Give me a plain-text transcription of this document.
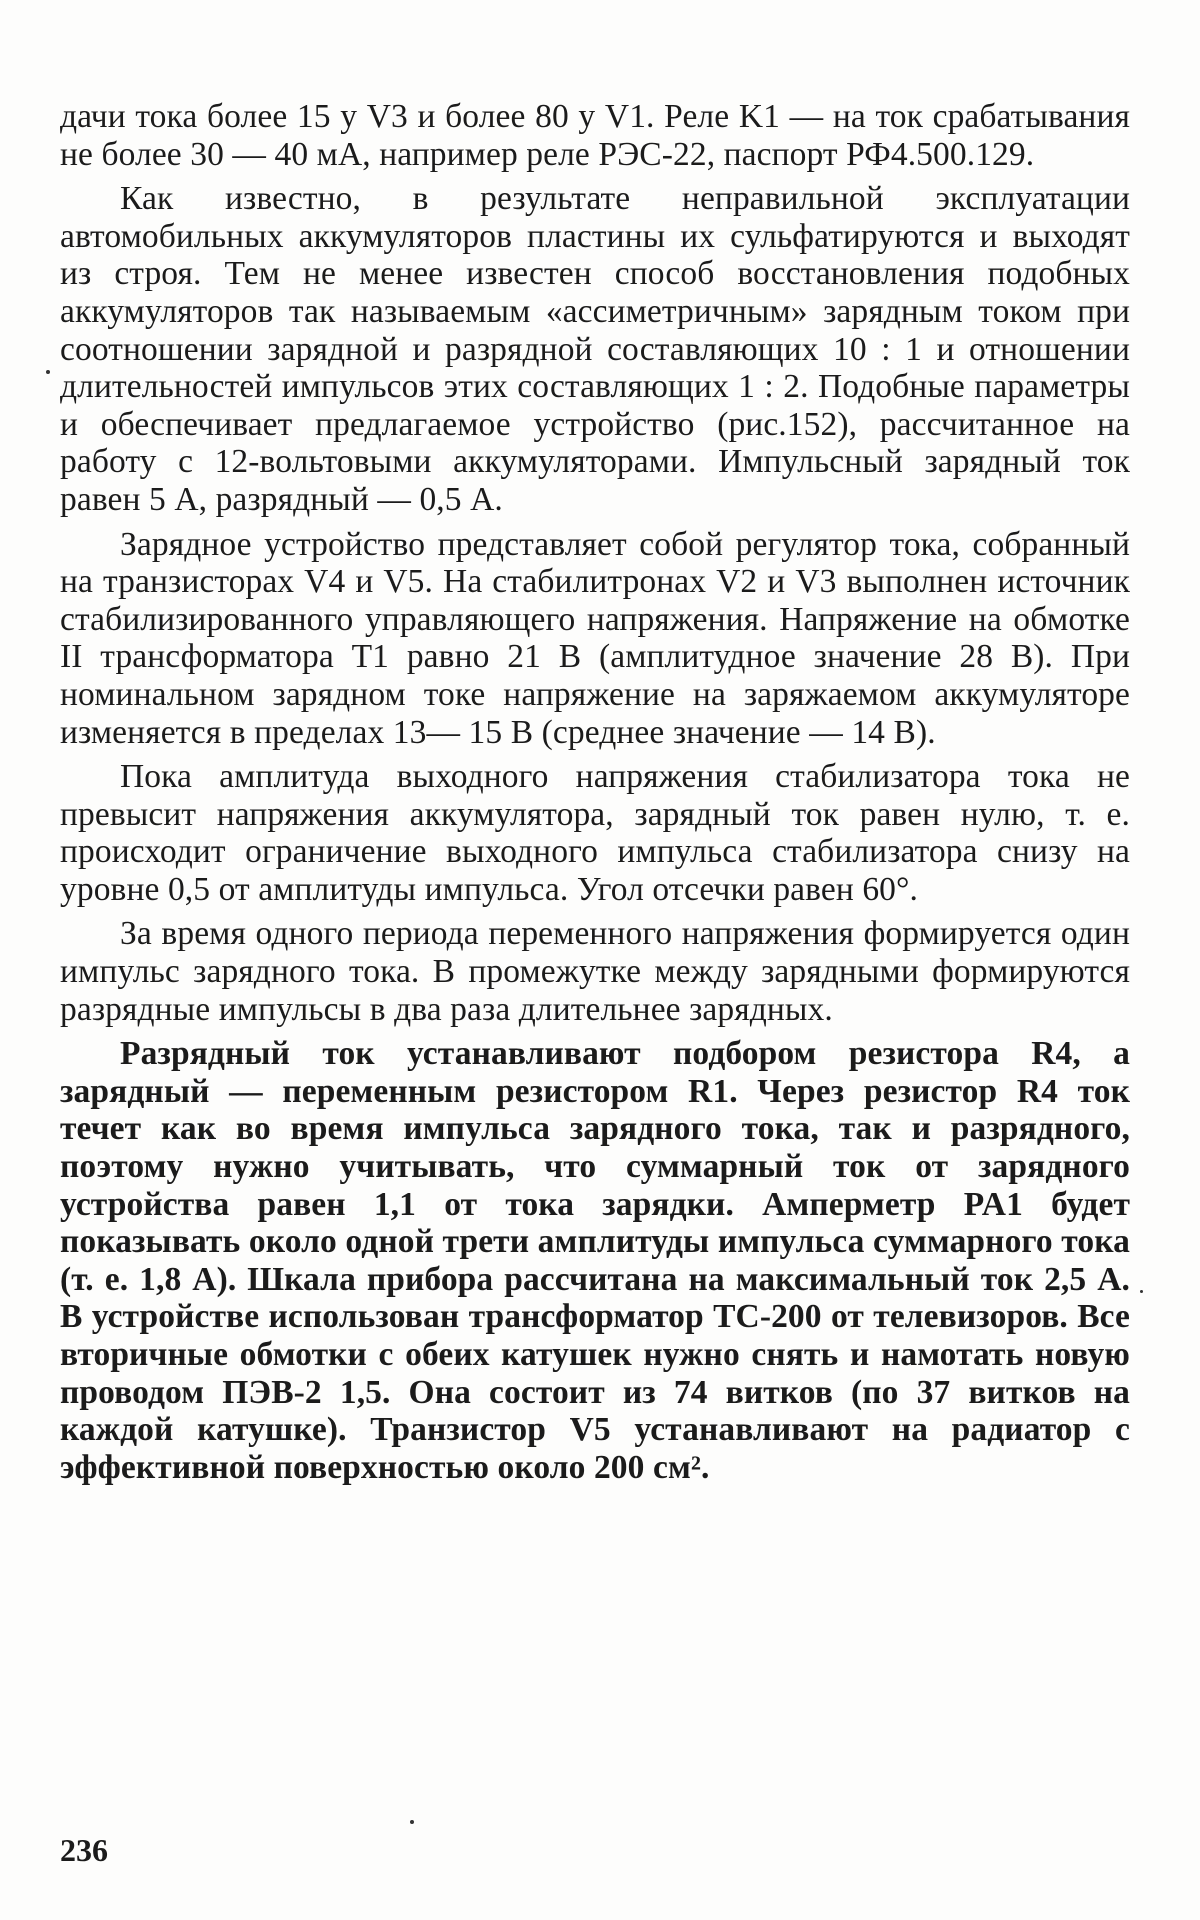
дачи тока более 15 у V3 и более 80 у V1. Реле K1 — на ток срабатывания не более 30 — 40 мА, например реле РЭС-22, паспорт РФ4.500.129.

Как известно, в результате неправильной эксплуатации автомобильных аккумуляторов пластины их сульфатируются и выходят из строя. Тем не менее известен способ восстановления подобных аккумуляторов так называемым «ассиметричным» зарядным током при соотношении зарядной и разрядной составляющих 10 : 1 и отношении длительностей импульсов этих составляющих 1 : 2. Подобные параметры и обеспечивает предлагаемое устройство (рис.152), рассчитанное на работу с 12-вольтовыми аккумуляторами. Импульсный зарядный ток равен 5 А, разрядный — 0,5 А.

Зарядное устройство представляет собой регулятор тока, собранный на транзисторах V4 и V5. На стабилитронах V2 и V3 выполнен источник стабилизированного управляющего напряжения. Напряжение на обмотке II трансформатора T1 равно 21 В (амплитудное значение 28 В). При номинальном зарядном токе напряжение на заряжаемом аккумуляторе изменяется в пределах 13— 15 В (среднее значение — 14 В).

Пока амплитуда выходного напряжения стабилизатора тока не превысит напряжения аккумулятора, зарядный ток равен нулю, т. е. происходит ограничение выходного импульса стабилизатора снизу на уровне 0,5 от амплитуды импульса. Угол отсечки равен 60°.

За время одного периода переменного напряжения формируется один импульс зарядного тока. В промежутке между зарядными формируются разрядные импульсы в два раза длительнее зарядных.

Разрядный ток устанавливают подбором резистора R4, а зарядный — переменным резистором R1. Через резистор R4 ток течет как во время импульса зарядного тока, так и разрядного, поэтому нужно учитывать, что суммарный ток от зарядного устройства равен 1,1 от тока зарядки. Амперметр PA1 будет показывать около одной трети амплитуды импульса суммарного тока (т. е. 1,8 А). Шкала прибора рассчитана на максимальный ток 2,5 А. В устройстве использован трансформатор ТС-200 от телевизоров. Все вторичные обмотки с обеих катушек нужно снять и намотать новую проводом ПЭВ-2 1,5. Она состоит из 74 витков (по 37 витков на каждой катушке). Транзистор V5 устанавливают на радиатор с эффективной поверхностью около 200 см².

236
